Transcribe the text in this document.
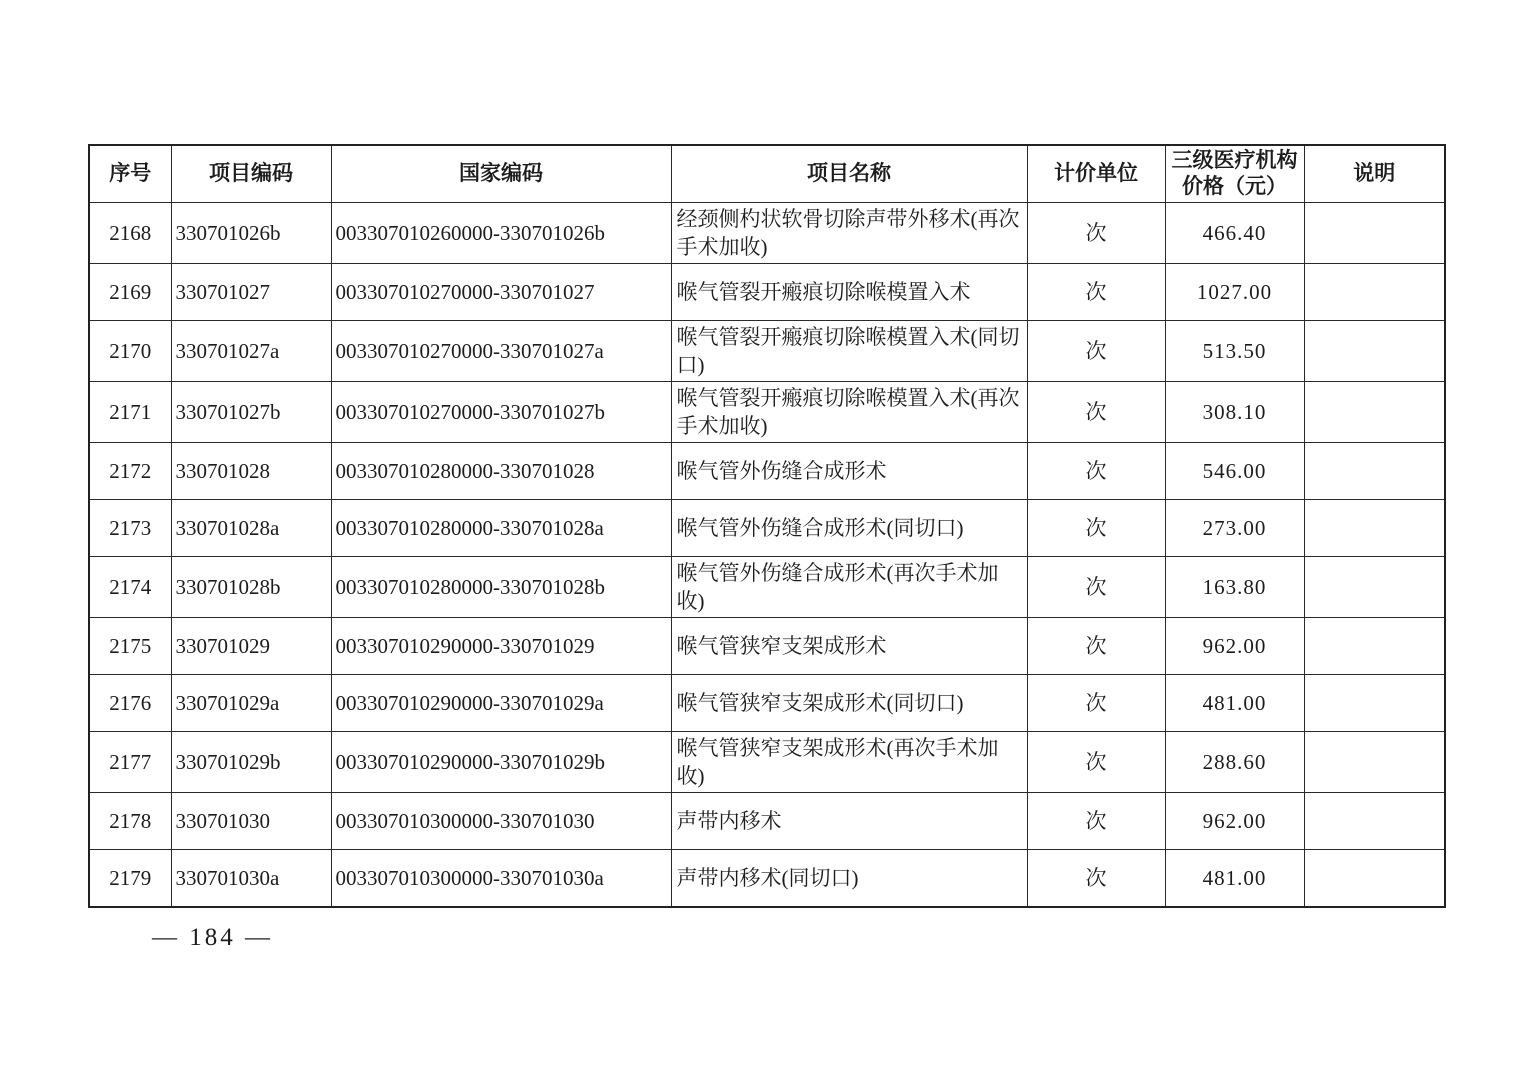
序号	项目编码	国家编码	项目名称	计价单位	三级医疗机构价格（元）	说明
2168	330701026b	003307010260000-330701026b	经颈侧杓状软骨切除声带外移术(再次手术加收)	次	466.40	
2169	330701027	003307010270000-330701027	喉气管裂开瘢痕切除喉模置入术	次	1027.00	
2170	330701027a	003307010270000-330701027a	喉气管裂开瘢痕切除喉模置入术(同切口)	次	513.50	
2171	330701027b	003307010270000-330701027b	喉气管裂开瘢痕切除喉模置入术(再次手术加收)	次	308.10	
2172	330701028	003307010280000-330701028	喉气管外伤缝合成形术	次	546.00	
2173	330701028a	003307010280000-330701028a	喉气管外伤缝合成形术(同切口)	次	273.00	
2174	330701028b	003307010280000-330701028b	喉气管外伤缝合成形术(再次手术加收)	次	163.80	
2175	330701029	003307010290000-330701029	喉气管狭窄支架成形术	次	962.00	
2176	330701029a	003307010290000-330701029a	喉气管狭窄支架成形术(同切口)	次	481.00	
2177	330701029b	003307010290000-330701029b	喉气管狭窄支架成形术(再次手术加收)	次	288.60	
2178	330701030	003307010300000-330701030	声带内移术	次	962.00	
2179	330701030a	003307010300000-330701030a	声带内移术(同切口)	次	481.00	
— 184 —
